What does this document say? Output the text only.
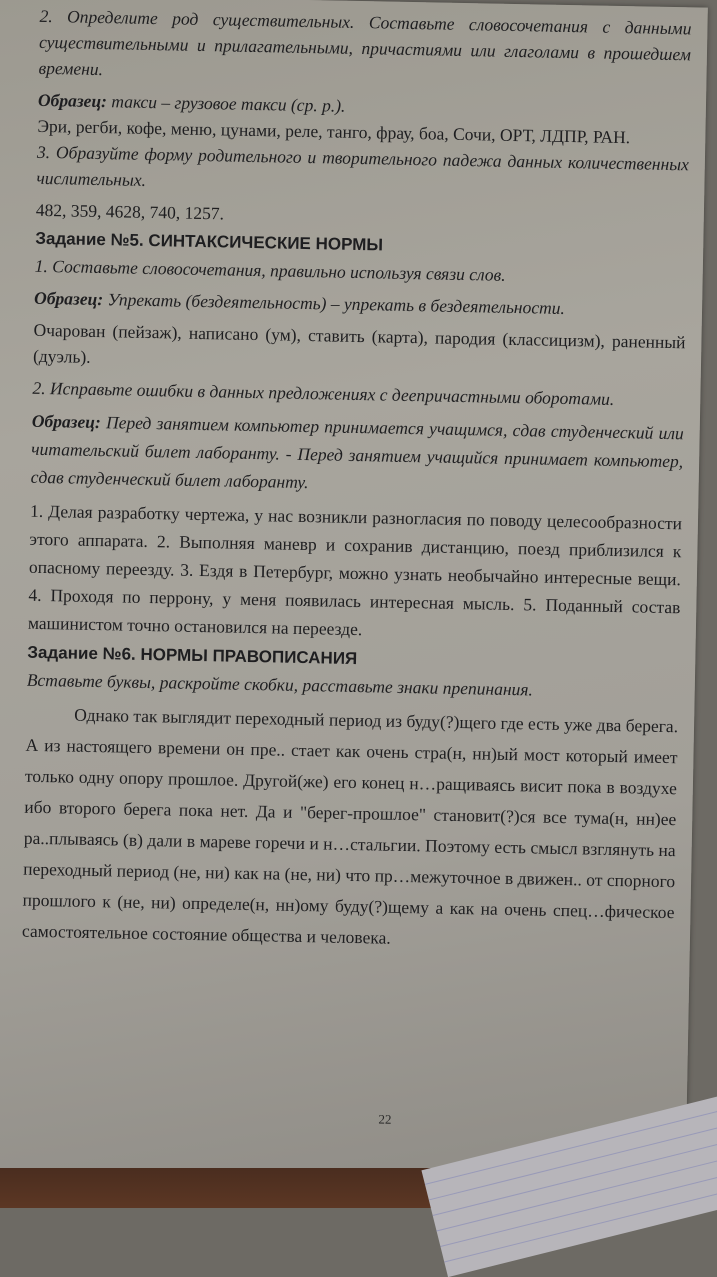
2. Определите род существительных. Составьте словосочетания с данными существительными и прилагательными, причастиями или глаголами в прошедшем времени.

Образец: такси – грузовое такси (ср. р.).

Эри, регби, кофе, меню, цунами, реле, танго, фрау, боа, Сочи, ОРТ, ЛДПР, РАН.

3. Образуйте форму родительного и творительного падежа данных количественных числительных.

482, 359, 4628, 740, 1257.

Задание №5. СИНТАКСИЧЕСКИЕ НОРМЫ

1. Составьте словосочетания, правильно используя связи слов.

Образец: Упрекать (бездеятельность) – упрекать в бездеятельности.

Очарован (пейзаж), написано (ум), ставить (карта), пародия (классицизм), раненный (дуэль).

2. Исправьте ошибки в данных предложениях с деепричастными оборотами.

Образец: Перед занятием компьютер принимается учащимся, сдав студенческий или читательский билет лаборанту. - Перед занятием учащийся принимает компьютер, сдав студенческий билет лаборанту.

1. Делая разработку чертежа, у нас возникли разногласия по поводу целесообразности этого аппарата. 2. Выполняя маневр и сохранив дистанцию, поезд приблизился к опасному переезду. 3. Ездя в Петербург, можно узнать необычайно интересные вещи. 4. Проходя по перрону, у меня появилась интересная мысль. 5. Поданный состав машинистом точно остановился на переезде.

Задание №6. НОРМЫ ПРАВОПИСАНИЯ

Вставьте буквы, раскройте скобки, расставьте знаки препинания.

Однако так выглядит переходный период из буду(?)щего где есть уже два берега. А из настоящего времени он пре.. стает как очень стра(н, нн)ый мост который имеет только одну опору прошлое. Другой(же) его конец н…ращиваясь висит пока в воздухе ибо второго берега пока нет. Да и "берег-прошлое" становит(?)ся все тума(н, нн)ее ра..плываясь (в) дали в мареве горечи и н…стальгии. Поэтому есть смысл взглянуть на переходный период (не, ни) как на (не, ни) что пр…межуточное в движен.. от спорного прошлого к (не, ни) определе(н, нн)ому буду(?)щему а как на очень спец…фическое самостоятельное состояние общества и человека.

22
